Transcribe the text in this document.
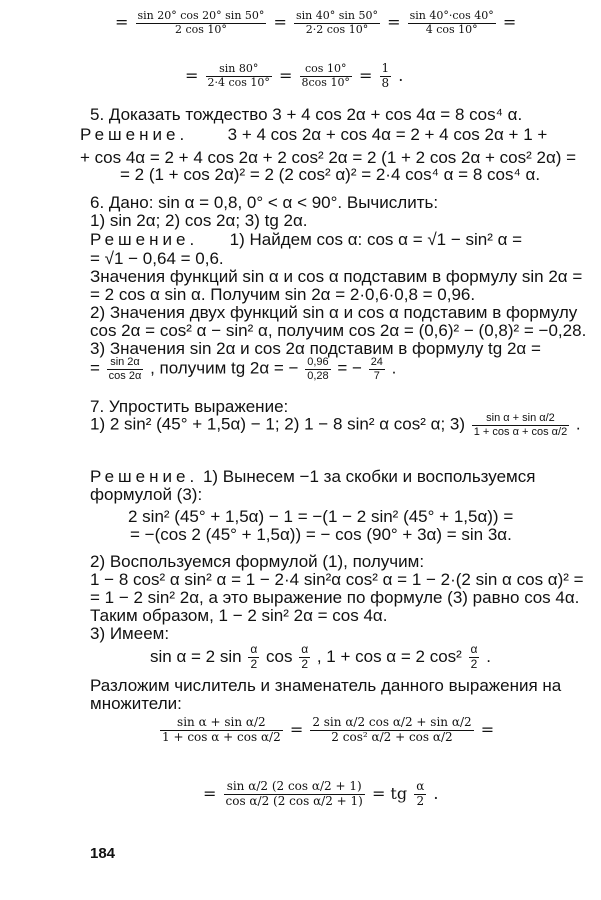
= $\frac{\sin 20^\circ \cos 20^\circ \sin 50^\circ}{2 \cos 10^\circ} = \frac{\sin 40^\circ \sin 50^\circ}{2\cdot 2 \cos 10^\circ} = \frac{\sin 40^\circ\cdot\cos 40^\circ}{4 \cos 10^\circ}$ =
= $\frac{\sin 80^\circ}{2\cdot 4 \cos 10^\circ} = \frac{\cos 10^\circ}{8\cos 10^\circ} = \frac{1}{8}$ .
5. Доказать тождество 3 + 4 cos 2α + cos 4α = 8 cos⁴ α.
Решение. 3 + 4 cos 2α + cos 4α = 2 + 4 cos 2α + 1 +
+ cos 4α = 2 + 4 cos 2α + 2 cos² 2α = 2 (1 + 2 cos 2α + cos² 2α) =
= 2 (1 + cos 2α)² = 2 (2 cos² α)² = 2·4 cos⁴ α = 8 cos⁴ α.
6. Дано: sin α = 0,8, 0° < α < 90°. Вычислить:
1) sin 2α; 2) cos 2α; 3) tg 2α.
Решение. 1) Найдем cos α: cos α = √1 − sin² α =
= √1 − 0,64 = 0,6.
Значения функций sin α и cos α подставим в формулу sin 2α =
= 2 cos α sin α. Получим sin 2α = 2·0,6·0,8 = 0,96.
2) Значения двух функций sin α и cos α подставим в формулу
cos 2α = cos² α − sin² α, получим cos 2α = (0,6)² − (0,8)² = −0,28.
3) Значения sin 2α и cos 2α подставим в формулу tg 2α =
= $\frac{\sin 2\alpha}{\cos 2\alpha}$ , получим tg 2α = − $\frac{0,96}{0,28}$ = − $\frac{24}{7}$ .
7. Упростить выражение:
1) 2 sin² (45° + 1,5α) − 1; 2) 1 − 8 sin² α cos² α; $3) \frac{\text{sin α + sin α/2}}{\text{1 + cos α + cos α/2}}$ .
Решение. 1) Вынесем −1 за скобки и воспользуемся
формулой (3):
2 sin² (45° + 1,5α) − 1 = −(1 − 2 sin² (45° + 1,5α)) =
= −(cos 2 (45° + 1,5α)) = − cos (90° + 3α) = sin 3α.
2) Воспользуемся формулой (1), получим:
1 − 8 cos² α sin² α = 1 − 2·4 sin²α cos² α = 1 − 2·(2 sin α cos α)² =
= 1 − 2 sin² 2α, а это выражение по формуле (3) равно cos 4α.
Таким образом, 1 − 2 sin² 2α = cos 4α.
3) Имеем:
sin α = 2 $\sin \frac{\alpha}{2}$ $\cos \frac{\alpha}{2}$ , 1 + cos α = 2 $\cos^2 \frac{\alpha}{2}$ .
Разложим числитель и знаменатель данного выражения на
множители:
$\frac{\text{sin α + sin α/2}}{\text{1 + cos α + cos α/2}} = \frac{\text{2 sin α/2 cos α/2 + sin α/2}}{\text{2 cos² α/2 + cos α/2}}$ =
= $\frac{\text{sin α/2 (2 cos α/2 + 1)}}{\text{cos α/2 (2 cos α/2 + 1)}}$ = tg $\frac{\alpha}{2}$ .
184
